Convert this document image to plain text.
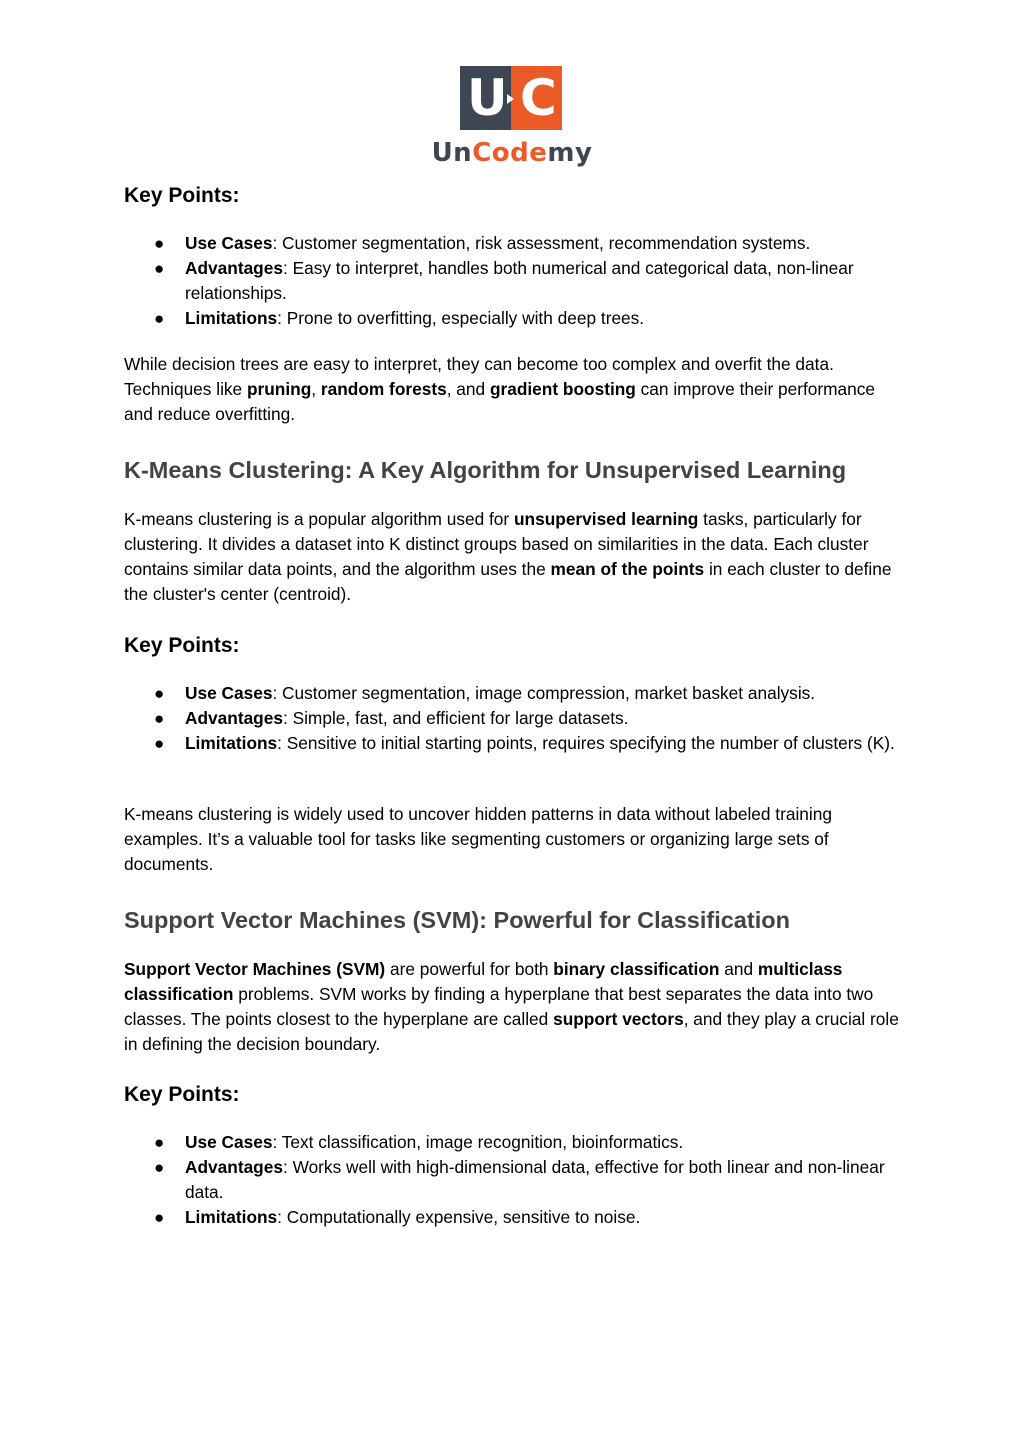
U C
UnCodemy
Key Points:
● Use Cases: Customer segmentation, risk assessment, recommendation systems.
● Advantages: Easy to interpret, handles both numerical and categorical data, non-linear relationships.
● Limitations: Prone to overfitting, especially with deep trees.

While decision trees are easy to interpret, they can become too complex and overfit the data. Techniques like pruning, random forests, and gradient boosting can improve their performance and reduce overfitting.

K-Means Clustering: A Key Algorithm for Unsupervised Learning

K-means clustering is a popular algorithm used for unsupervised learning tasks, particularly for clustering. It divides a dataset into K distinct groups based on similarities in the data. Each cluster contains similar data points, and the algorithm uses the mean of the points in each cluster to define the cluster's center (centroid).

Key Points:
● Use Cases: Customer segmentation, image compression, market basket analysis.
● Advantages: Simple, fast, and efficient for large datasets.
● Limitations: Sensitive to initial starting points, requires specifying the number of clusters (K).

K-means clustering is widely used to uncover hidden patterns in data without labeled training examples. It’s a valuable tool for tasks like segmenting customers or organizing large sets of documents.

Support Vector Machines (SVM): Powerful for Classification

Support Vector Machines (SVM) are powerful for both binary classification and multiclass classification problems. SVM works by finding a hyperplane that best separates the data into two classes. The points closest to the hyperplane are called support vectors, and they play a crucial role in defining the decision boundary.

Key Points:
● Use Cases: Text classification, image recognition, bioinformatics.
● Advantages: Works well with high-dimensional data, effective for both linear and non-linear data.
● Limitations: Computationally expensive, sensitive to noise.
